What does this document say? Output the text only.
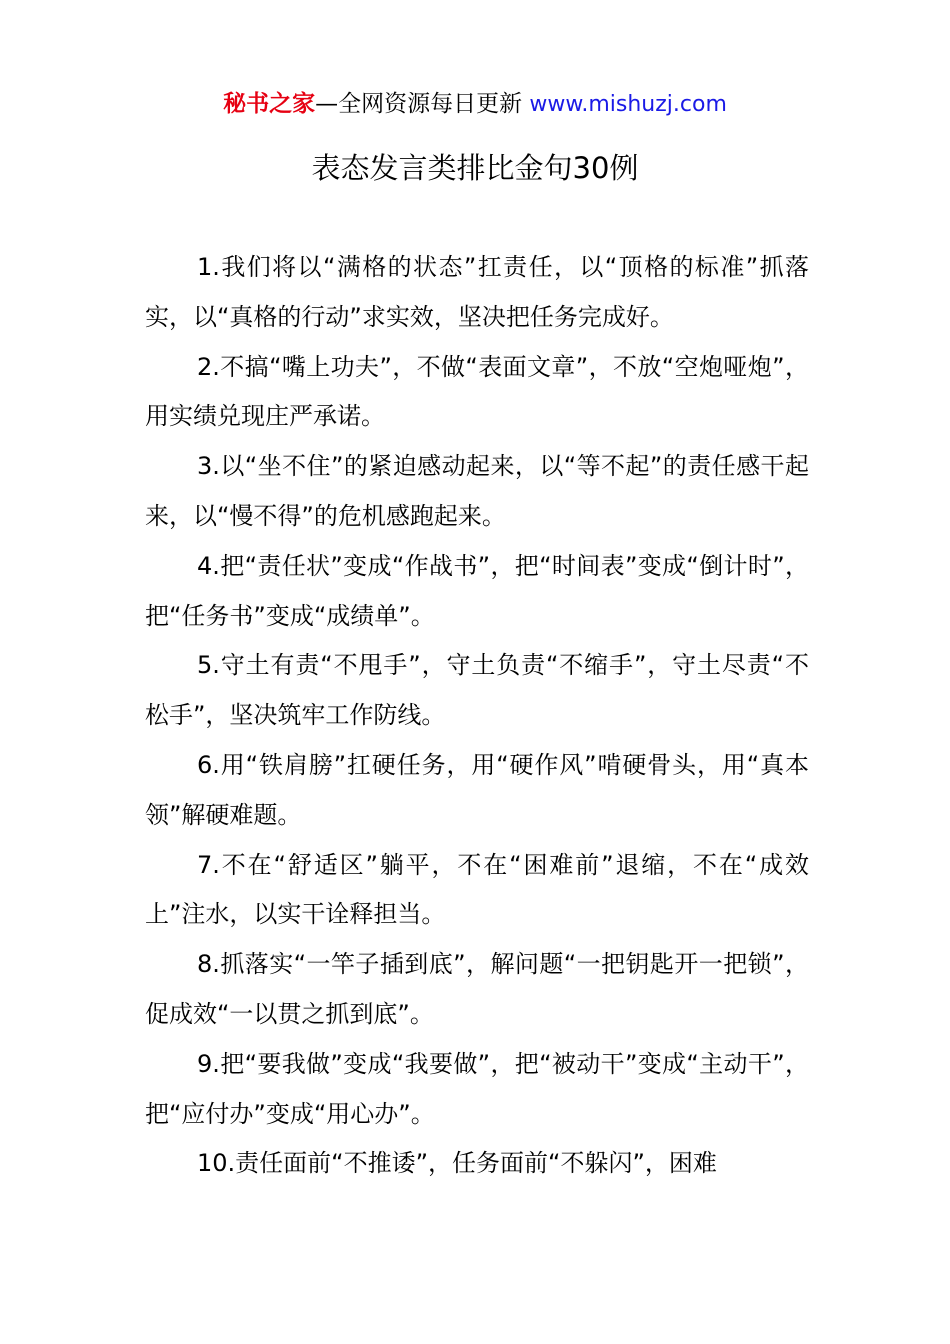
秘书之家—全网资源每日更新 www.mishuzj.com
表态发言类排比金句30例

1.我们将以“满格的状态”扛责任，以“顶格的标准”抓落实，以“真格的行动”求实效，坚决把任务完成好。

2.不搞“嘴上功夫”，不做“表面文章”，不放“空炮哑炮”，用实绩兑现庄严承诺。

3.以“坐不住”的紧迫感动起来，以“等不起”的责任感干起来，以“慢不得”的危机感跑起来。

4.把“责任状”变成“作战书”，把“时间表”变成“倒计时”，把“任务书”变成“成绩单”。

5.守土有责“不甩手”，守土负责“不缩手”，守土尽责“不松手”，坚决筑牢工作防线。

6.用“铁肩膀”扛硬任务，用“硬作风”啃硬骨头，用“真本领”解硬难题。

7.不在“舒适区”躺平，不在“困难前”退缩，不在“成效上”注水，以实干诠释担当。

8.抓落实“一竿子插到底”，解问题“一把钥匙开一把锁”，促成效“一以贯之抓到底”。

9.把“要我做”变成“我要做”，把“被动干”变成“主动干”，把“应付办”变成“用心办”。

10.责任面前“不推诿”，任务面前“不躲闪”，困难
